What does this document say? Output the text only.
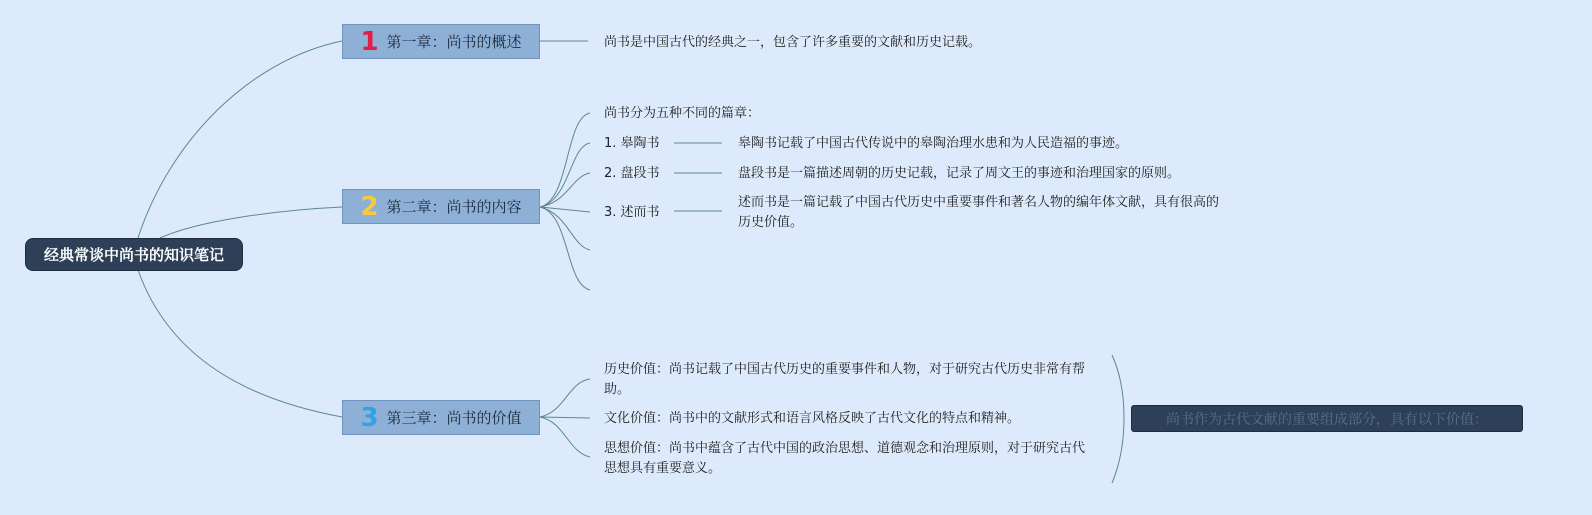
经典常谈中尚书的知识笔记
1 第一章：尚书的概述
2 第二章：尚书的内容
3 第三章：尚书的价值
尚书是中国古代的经典之一，包含了许多重要的文献和历史记载。
尚书分为五种不同的篇章：
1. 皋陶书	皋陶书记载了中国古代传说中的皋陶治理水患和为人民造福的事迹。
2. 盘段书	盘段书是一篇描述周朝的历史记载，记录了周文王的事迹和治理国家的原则。
3. 述而书
述而书是一篇记载了中国古代历史中重要事件和著名人物的编年体文献，具有很高的历史价值。
历史价值：尚书记载了中国古代历史的重要事件和人物，对于研究古代历史非常有帮助。
文化价值：尚书中的文献形式和语言风格反映了古代文化的特点和精神。
思想价值：尚书中蕴含了古代中国的政治思想、道德观念和治理原则，对于研究古代思想具有重要意义。
尚书作为古代文献的重要组成部分，具有以下价值：
